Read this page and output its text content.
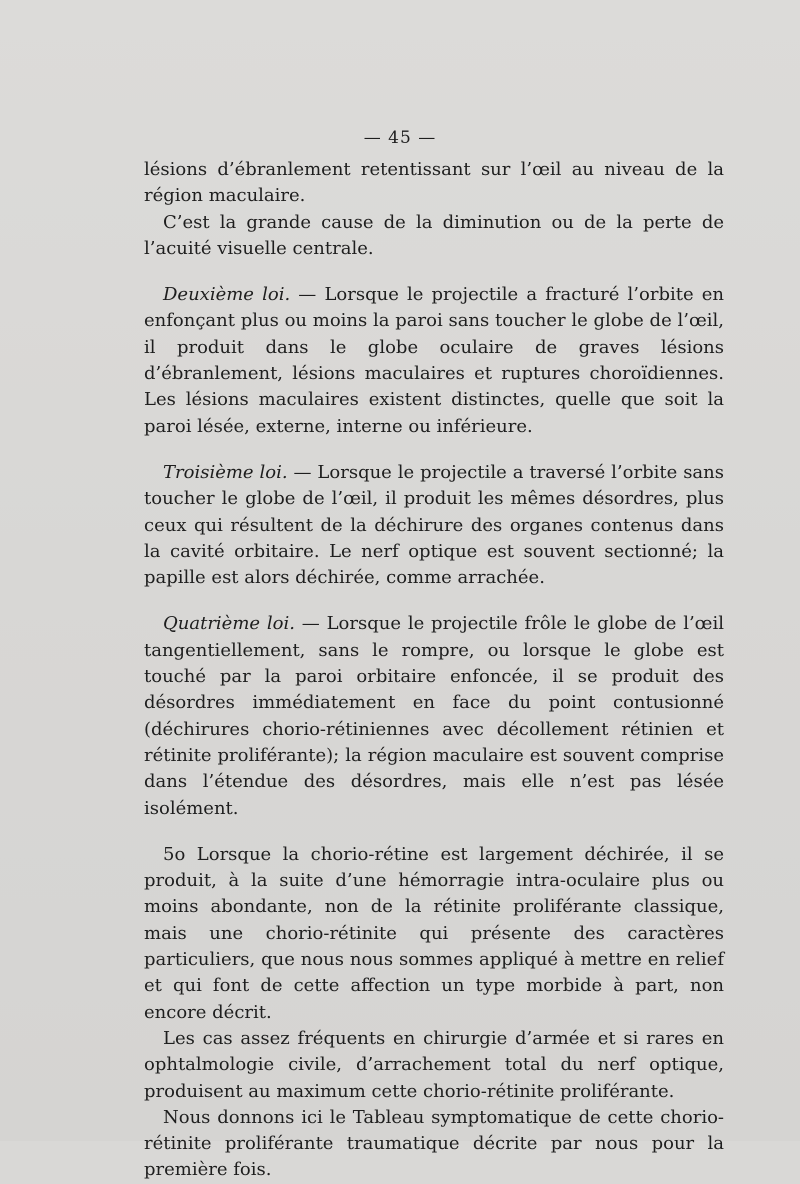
— 45 —

lésions d’ébranlement retentissant sur l’œil au niveau de la région maculaire.

C’est la grande cause de la diminution ou de la perte de l’acuité visuelle centrale.

Deuxième loi. — Lorsque le projectile a fracturé l’orbite en enfonçant plus ou moins la paroi sans toucher le globe de l’œil, il produit dans le globe oculaire de graves lésions d’ébranlement, lésions maculaires et ruptures choroïdiennes. Les lésions maculaires existent distinctes, quelle que soit la paroi lésée, externe, interne ou inférieure.

Troisième loi. — Lorsque le projectile a traversé l’orbite sans toucher le globe de l’œil, il produit les mêmes désordres, plus ceux qui résultent de la déchirure des organes contenus dans la cavité orbitaire. Le nerf optique est souvent sectionné; la papille est alors déchirée, comme arrachée.

Quatrième loi. — Lorsque le projectile frôle le globe de l’œil tangentiellement, sans le rompre, ou lorsque le globe est touché par la paroi orbitaire enfoncée, il se produit des désordres immédiatement en face du point contusionné (déchirures chorio-rétiniennes avec décollement rétinien et rétinite proliférante); la région maculaire est souvent comprise dans l’étendue des désordres, mais elle n’est pas lésée isolément.

5o Lorsque la chorio-rétine est largement déchirée, il se produit, à la suite d’une hémorragie intra-oculaire plus ou moins abondante, non de la rétinite proliférante classique, mais une chorio-rétinite qui présente des caractères particuliers, que nous nous sommes appliqué à mettre en relief et qui font de cette affection un type morbide à part, non encore décrit.

Les cas assez fréquents en chirurgie d’armée et si rares en ophtalmologie civile, d’arrachement total du nerf optique, produisent au maximum cette chorio-rétinite proliférante.

Nous donnons ici le Tableau symptomatique de cette chorio-rétinite proliférante traumatique décrite par nous pour la première fois.
